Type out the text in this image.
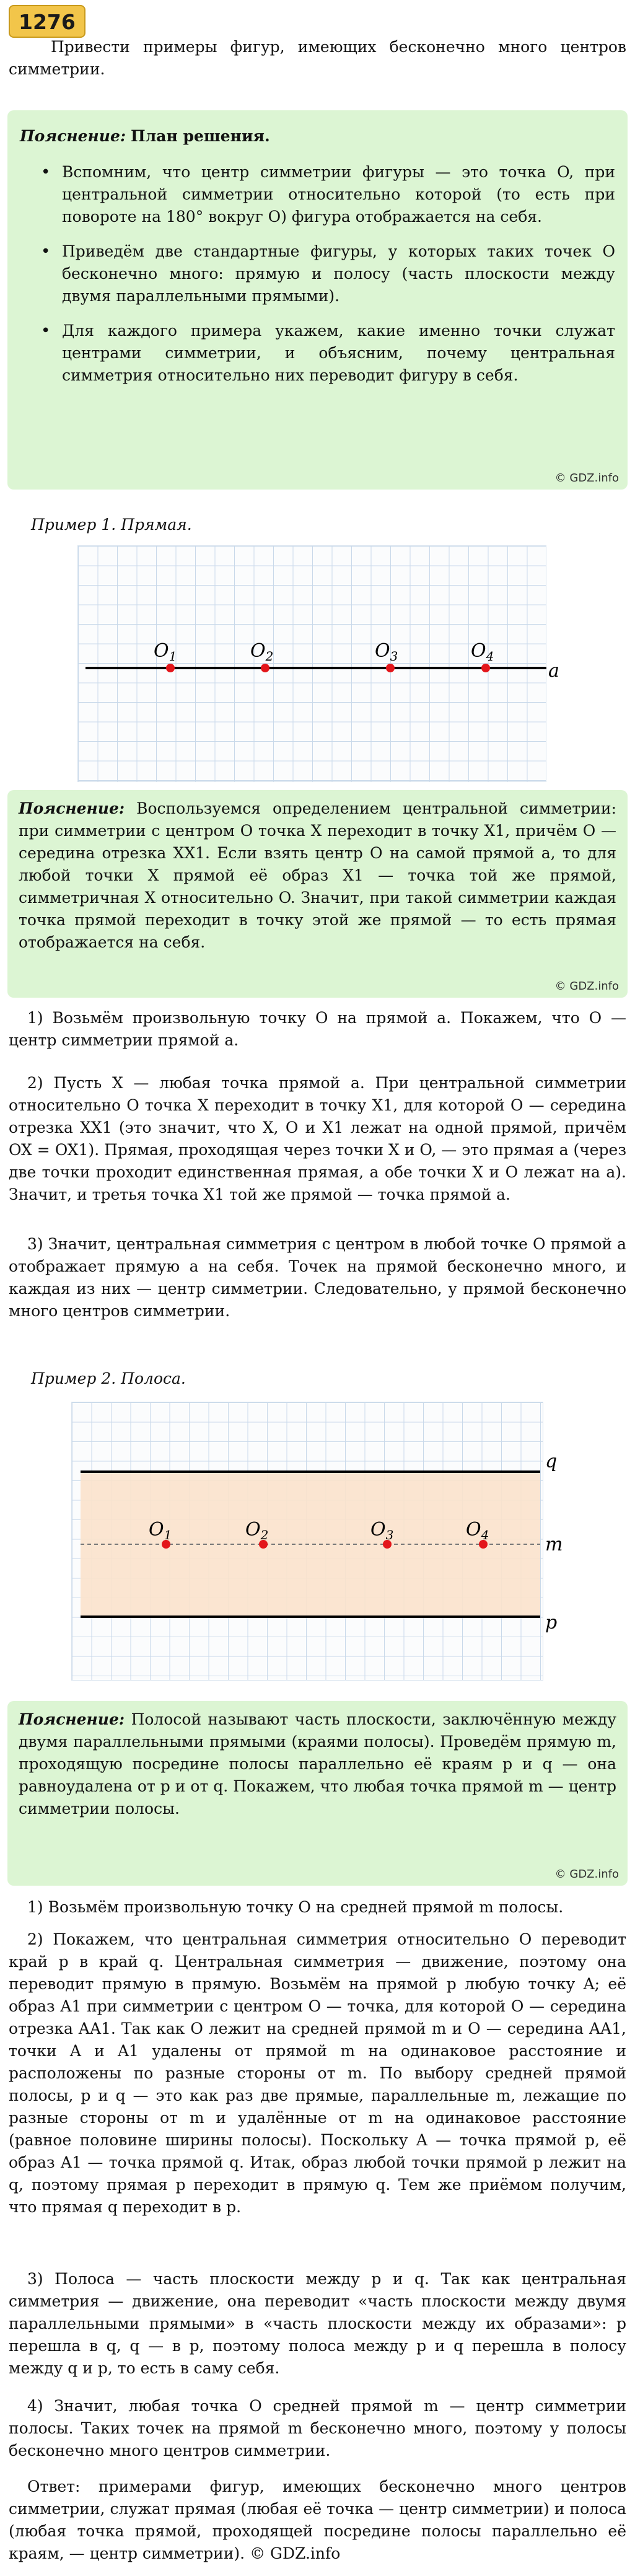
1276
Привести примеры фигур, имеющих бесконечно много центров симметрии.

Пояснение: План решения.

• Вспомним, что центр симметрии фигуры — это точка O, при центральной симметрии относительно которой (то есть при повороте на 180° вокруг O) фигура отображается на себя.
• Приведём две стандартные фигуры, у которых таких точек O бесконечно много: прямую и полосу (часть плоскости между двумя параллельными прямыми).
• Для каждого примера укажем, какие именно точки служат центрами симметрии, и объясним, почему центральная симметрия относительно них переводит фигуру в себя.
© GDZ.info
Пример 1. Прямая.
a
$O_1$	$O_2$	$O_3$	$O_4$

Пояснение: Воспользуемся определением центральной симметрии: при симметрии с центром O точка X переходит в точку X1, причём O — середина отрезка XX1. Если взять центр O на самой прямой a, то для любой точки X прямой её образ X1 — точка той же прямой, симметричная X относительно O. Значит, при такой симметрии каждая точка прямой переходит в точку этой же прямой — то есть прямая отображается на себя.

© GDZ.info
1) Возьмём произвольную точку O на прямой a. Покажем, что O — центр симметрии прямой a.
2) Пусть X — любая точка прямой a. При центральной симметрии относительно O точка X переходит в точку X1, для которой O — середина отрезка XX1 (это значит, что X, O и X1 лежат на одной прямой, причём OX = OX1). Прямая, проходящая через точки X и O, — это прямая a (через две точки проходит единственная прямая, а обе точки X и O лежат на a). Значит, и третья точка X1 той же прямой — точка прямой a.
3) Значит, центральная симметрия с центром в любой точке O прямой a отображает прямую a на себя. Точек на прямой бесконечно много, и каждая из них — центр симметрии. Следовательно, у прямой бесконечно много центров симметрии.
Пример 2. Полоса.
q
m
p
$O_1$	$O_2$	$O_3$	$O_4$

Пояснение: Полосой называют часть плоскости, заключённую между двумя параллельными прямыми (краями полосы). Проведём прямую m, проходящую посредине полосы параллельно её краям p и q — она равноудалена от p и от q. Покажем, что любая точка прямой m — центр симметрии полосы.

© GDZ.info
1) Возьмём произвольную точку O на средней прямой m полосы.
2) Покажем, что центральная симметрия относительно O переводит край p в край q. Центральная симметрия — движение, поэтому она переводит прямую в прямую. Возьмём на прямой p любую точку A; её образ A1 при симметрии с центром O — точка, для которой O — середина отрезка AA1. Так как O лежит на средней прямой m и O — середина AA1, точки A и A1 удалены от прямой m на одинаковое расстояние и расположены по разные стороны от m. По выбору средней прямой полосы, p и q — это как раз две прямые, параллельные m, лежащие по разные стороны от m и удалённые от m на одинаковое расстояние (равное половине ширины полосы). Поскольку A — точка прямой p, её образ A1 — точка прямой q. Итак, образ любой точки прямой p лежит на q, поэтому прямая p переходит в прямую q. Тем же приёмом получим, что прямая q переходит в p.
3) Полоса — часть плоскости между p и q. Так как центральная симметрия — движение, она переводит «часть плоскости между двумя параллельными прямыми» в «часть плоскости между их образами»: p перешла в q, q — в p, поэтому полоса между p и q перешла в полосу между q и p, то есть в саму себя.
4) Значит, любая точка O средней прямой m — центр симметрии полосы. Таких точек на прямой m бесконечно много, поэтому у полосы бесконечно много центров симметрии.
Ответ: примерами фигур, имеющих бесконечно много центров симметрии, служат прямая (любая её точка — центр симметрии) и полоса (любая точка прямой, проходящей посредине полосы параллельно её краям, — центр симметрии). © GDZ.info
